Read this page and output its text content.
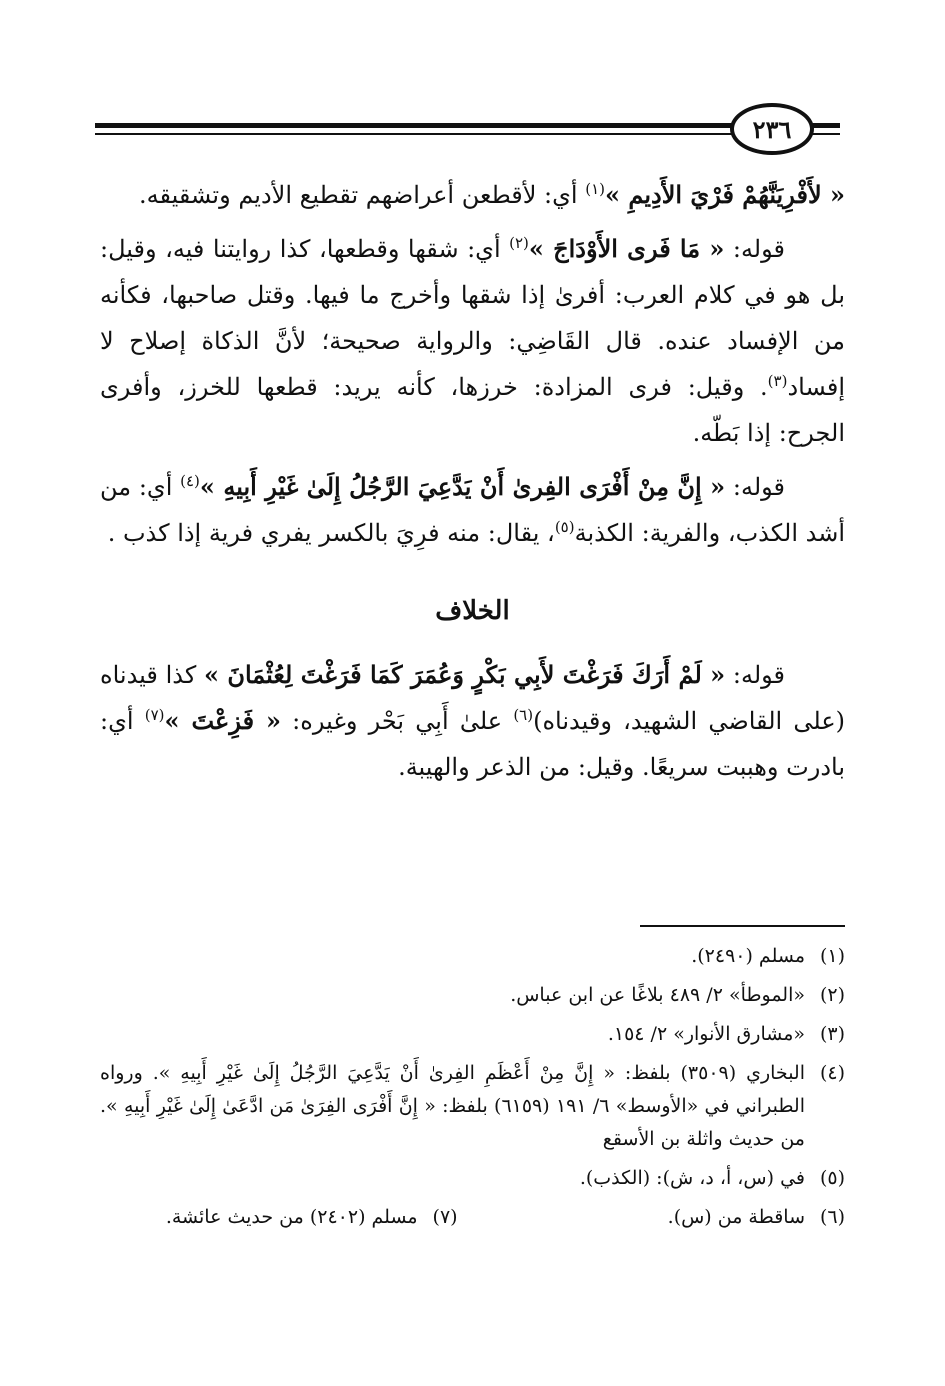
٢٣٦

« لأَفْرِيَنَّهُمْ فَرْيَ الأَدِيمِ »$^{(١)}$ أي: لأقطعن أعراضهم تقطيع الأديم وتشقيقه.

قوله: « مَا فَرى الأَوْدَاجَ »$^{(٢)}$ أي: شقها وقطعها، كذا روايتنا فيه، وقيل: بل هو في كلام العرب: أفرىٰ إذا شقها وأخرج ما فيها. وقتل صاحبها، فكأنه من الإفساد عنده. قال القَاضِي: والرواية صحيحة؛ لأنَّ الذكاة إصلاح لا إفساد$^{(٣)}$. وقيل: فرى المزادة: خرزها، كأنه يريد: قطعها للخرز، وأفرى الجرح: إذا بَطّه.

قوله: « إِنَّ مِنْ أَفْرَى الفِرىٰ أَنْ يَدَّعِيَ الرَّجُلُ إِلَىٰ غَيْرِ أَبِيهِ »$^{(٤)}$ أي: من أشد الكذب، والفرية: الكذبة$^{(٥)}$، يقال: منه فرِيَ بالكسر يفري فرية إذا كذب .

الخلاف

قوله: « لَمْ أَرَكَ فَرَغْتَ لأَبِي بَكْرٍ وَعُمَرَ كَمَا فَرَغْتَ لِعُثْمَانَ » كذا قيدناه (على القاضي الشهيد، وقيدناه)$^{(٦)}$ علىٰ أَبِي بَحْر وغيره: « فَزِعْتَ »$^{(٧)}$ أي: بادرت وهببت سريعًا. وقيل: من الذعر والهيبة.

(١)
مسلم (٢٤٩٠).
(٢)
«الموطأ» ٢/ ٤٨٩ بلاغًا عن ابن عباس.
(٣)
«مشارق الأنوار» ٢/ ١٥٤.
(٤)
البخاري (٣٥٠٩) بلفظ: « إِنَّ مِنْ أَعْظَمِ الفِرىٰ أَنْ يَدَّعِيَ الرَّجُلُ إِلَىٰ غَيْرِ أَبِيهِ ». ورواه الطبراني في «الأوسط» ٦/ ١٩١ (٦١٥٩) بلفظ: « إِنَّ أَفْرَى الفِرَىٰ مَن ادَّعَىٰ إِلَىٰ غَيْرِ أَبِيهِ ». من حديث واثلة بن الأسقع
(٥)
في (س، أ، د، ش): (الكذب).
(٦)
ساقطة من (س).
(٧)
مسلم (٢٤٠٢) من حديث عائشة.
